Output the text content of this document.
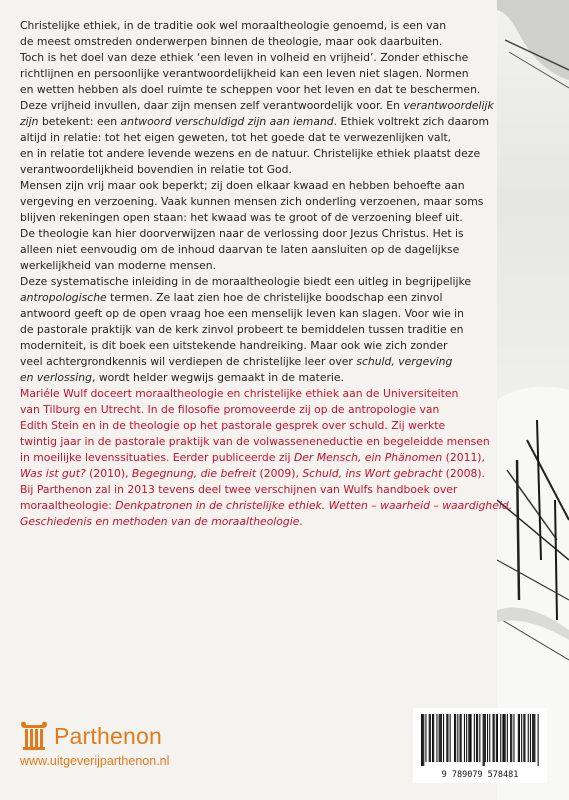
Christelijke ethiek, in de traditie ook wel moraaltheologie genoemd, is een van
de meest omstreden onderwerpen binnen de theologie, maar ook daarbuiten.
Toch is het doel van deze ethiek ‘een leven in volheid en vrijheid’. Zonder ethische
richtlijnen en persoonlijke verantwoordelijkheid kan een leven niet slagen. Normen
en wetten hebben als doel ruimte te scheppen voor het leven en dat te beschermen.
Deze vrijheid invullen, daar zijn mensen zelf verantwoordelijk voor. En verantwoordelijk
zijn betekent: een antwoord verschuldigd zijn aan iemand. Ethiek voltrekt zich daarom
altijd in relatie: tot het eigen geweten, tot het goede dat te verwezenlijken valt,
en in relatie tot andere levende wezens en de natuur. Christelijke ethiek plaatst deze
verantwoordelijkheid bovendien in relatie tot God.
Mensen zijn vrij maar ook beperkt; zij doen elkaar kwaad en hebben behoefte aan
vergeving en verzoening. Vaak kunnen mensen zich onderling verzoenen, maar soms
blijven rekeningen open staan: het kwaad was te groot of de verzoening bleef uit.
De theologie kan hier doorverwijzen naar de verlossing door Jezus Christus. Het is
alleen niet eenvoudig om de inhoud daarvan te laten aansluiten op de dagelijkse
werkelijkheid van moderne mensen.
Deze systematische inleiding in de moraaltheologie biedt een uitleg in begrijpelijke
antropologische termen. Ze laat zien hoe de christelijke boodschap een zinvol
antwoord geeft op de open vraag hoe een menselijk leven kan slagen. Voor wie in
de pastorale praktijk van de kerk zinvol probeert te bemiddelen tussen traditie en
moderniteit, is dit boek een uitstekende handreiking. Maar ook wie zich zonder
veel achtergrondkennis wil verdiepen de christelijke leer over schuld, vergeving
en verlossing, wordt helder wegwijs gemaakt in de materie.
Mariéle Wulf doceert moraaltheologie en christelijke ethiek aan de Universiteiten
van Tilburg en Utrecht. In de filosofie promoveerde zij op de antropologie van
Edith Stein en in de theologie op het pastorale gesprek over schuld. Zij werkte
twintig jaar in de pastorale praktijk van de volwasseneneductie en begeleidde mensen
in moeilijke levenssituaties. Eerder publiceerde zij Der Mensch, ein Phänomen (2011),
Was ist gut? (2010), Begegnung, die befreit (2009), Schuld, ins Wort gebracht (2008).
Bij Parthenon zal in 2013 tevens deel twee verschijnen van Wulfs handboek over
moraaltheologie: Denkpatronen in de christelijke ethiek. Wetten – waarheid – waardigheid.
Geschiedenis en methoden van de moraaltheologie.
Parthenon
www.uitgeverijparthenon.nl
9 789079 578481
